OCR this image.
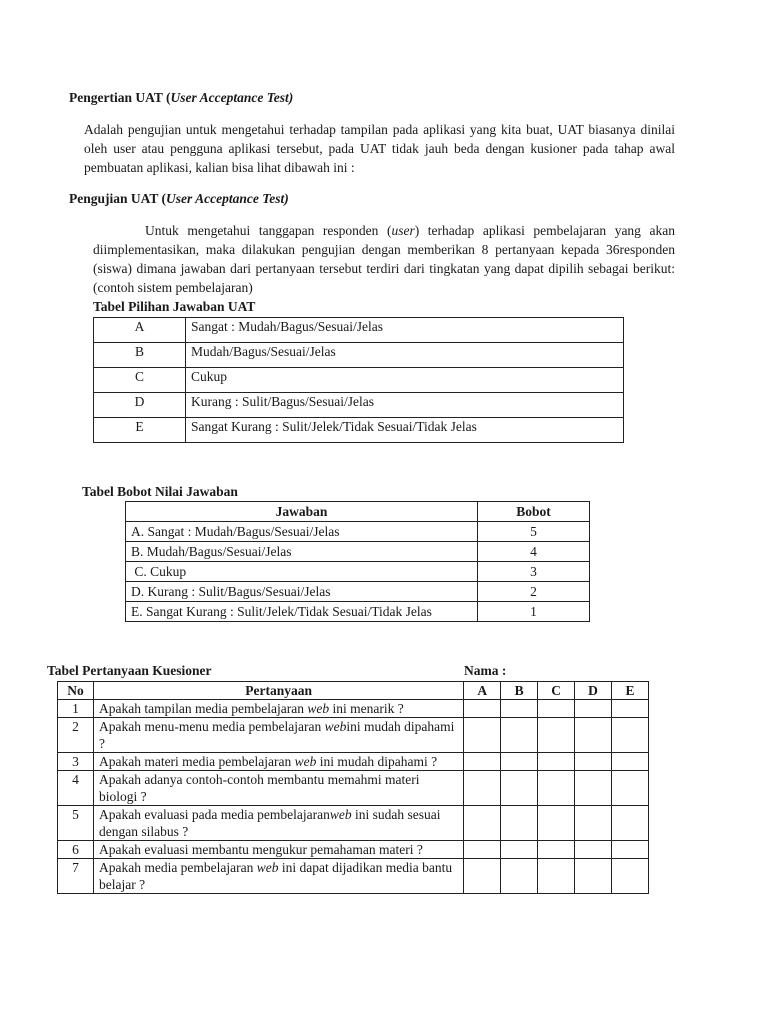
Pengertian UAT (User Acceptance Test)
Adalah pengujian untuk mengetahui terhadap tampilan pada aplikasi yang kita buat, UAT biasanya dinilai oleh user atau pengguna aplikasi tersebut, pada UAT tidak jauh beda dengan kusioner pada tahap awal pembuatan aplikasi, kalian bisa lihat dibawah ini :
Pengujian UAT (User Acceptance Test)
Untuk mengetahui tanggapan responden (user) terhadap aplikasi pembelajaran yang akan diimplementasikan, maka dilakukan pengujian dengan memberikan 8 pertanyaan kepada 36responden (siswa) dimana jawaban dari pertanyaan tersebut terdiri dari tingkatan yang dapat dipilih sebagai berikut: (contoh sistem pembelajaran)
Tabel Pilihan Jawaban UAT
A	Sangat : Mudah/Bagus/Sesuai/Jelas
B	Mudah/Bagus/Sesuai/Jelas
C	Cukup
D	Kurang : Sulit/Bagus/Sesuai/Jelas
E	Sangat Kurang : Sulit/Jelek/Tidak Sesuai/Tidak Jelas
Tabel Bobot Nilai Jawaban
Jawaban	Bobot
A. Sangat : Mudah/Bagus/Sesuai/Jelas	5
B. Mudah/Bagus/Sesuai/Jelas	4
C. Cukup	3
D. Kurang : Sulit/Bagus/Sesuai/Jelas	2
E. Sangat Kurang : Sulit/Jelek/Tidak Sesuai/Tidak Jelas	1
Tabel Pertanyaan Kuesioner	Nama :
No	Pertanyaan	A	B	C	D	E
1	Apakah tampilan media pembelajaran web ini menarik ?					
2	Apakah menu-menu media pembelajaran webini mudah dipahami ?					
3	Apakah materi media pembelajaran web ini mudah dipahami ?					
4	Apakah adanya contoh-contoh membantu memahmi materi biologi ?					
5	Apakah evaluasi pada media pembelajaranweb ini sudah sesuai dengan silabus ?					
6	Apakah evaluasi membantu mengukur pemahaman materi ?					
7	Apakah media pembelajaran web ini dapat dijadikan media bantu belajar ?					
